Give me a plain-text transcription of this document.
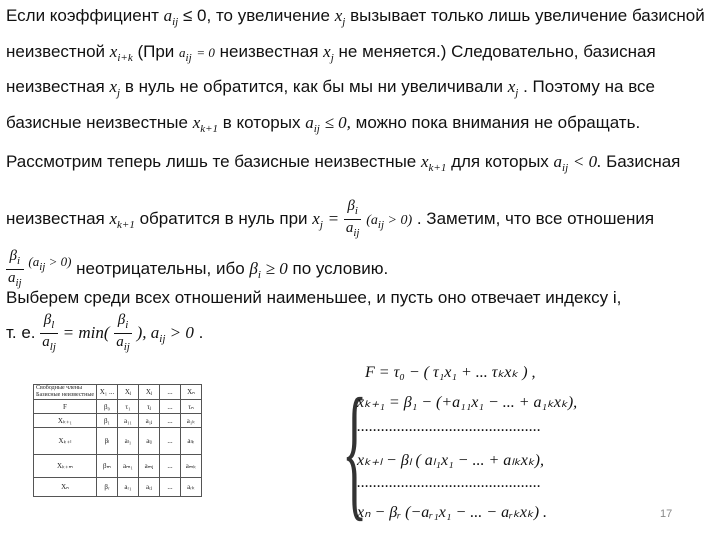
Если коэффициент $a_{ij} \le 0$, то увеличение $x_j$ вызывает только лишь увеличение базисной
неизвестной $x_{i+k}$ (При $a_{ij} = 0$ неизвестная $x_j$ не меняется.) Следовательно, базисная
неизвестная $x_j$ в нуль не обратится, как бы мы ни увеличивали $x_j$ . Поэтому на все
базисные неизвестные $x_{k+1}$ в которых $a_{ij} \le 0$, можно пока внимания не обращать.
Рассмотрим теперь лишь те базисные неизвестные $x_{k+1}$ для которых $a_{ij} < 0$. Базисная
неизвестная $x_{k+1}$ обратится в нуль при $x_j = \frac{\beta_i}{a_{ij}} (a_{ij} > 0)$ . Заметим, что все отношения
$\frac{\beta_i}{a_{ij}} ^{(a_{ij} > 0)}$ неотрицательны, ибо $\beta_i \ge 0$ по условию.
Выберем среди всех отношений наименьшее, и пусть оно отвечает индексу i,
т. е. $\frac{\beta_l}{a_{lj}} = \min( \frac{\beta_i}{a_{ij}}$ ), $a_{ij} > 0$ .
Свободные члены Базисные неизвестные	X₁ ...	Xⱼ	Xⱼ	...	Xₙ
F	β₀	τ₁	τⱼ	...	τₙ
Xₖ₊₁	β₁	a₁₁	a₁ⱼ	...	a₁ₖ
Xₖ₊ₗ	βₗ	aₗ₁	aₗⱼ	...	aₗₖ
Xₖ₊ₘ	βₘ	aₘ₁	aₘⱼ	...	aₘₖ
Xₙ	βᵣ	aᵣ₁	aᵣⱼ	...	aᵣₖ {
F = τ₀ − ( τ₁x₁ + ... τₖxₖ ) ,
xₖ₊₁ = β₁ − (+a₁₁x₁ − ... + a₁ₖxₖ),
..............................................
xₖ₊ₗ − βₗ ( aₗ₁x₁ − ... + aₗₖxₖ),
..............................................
xₙ − βᵣ (−aᵣ₁x₁ − ... − aᵣₖxₖ) .	17
